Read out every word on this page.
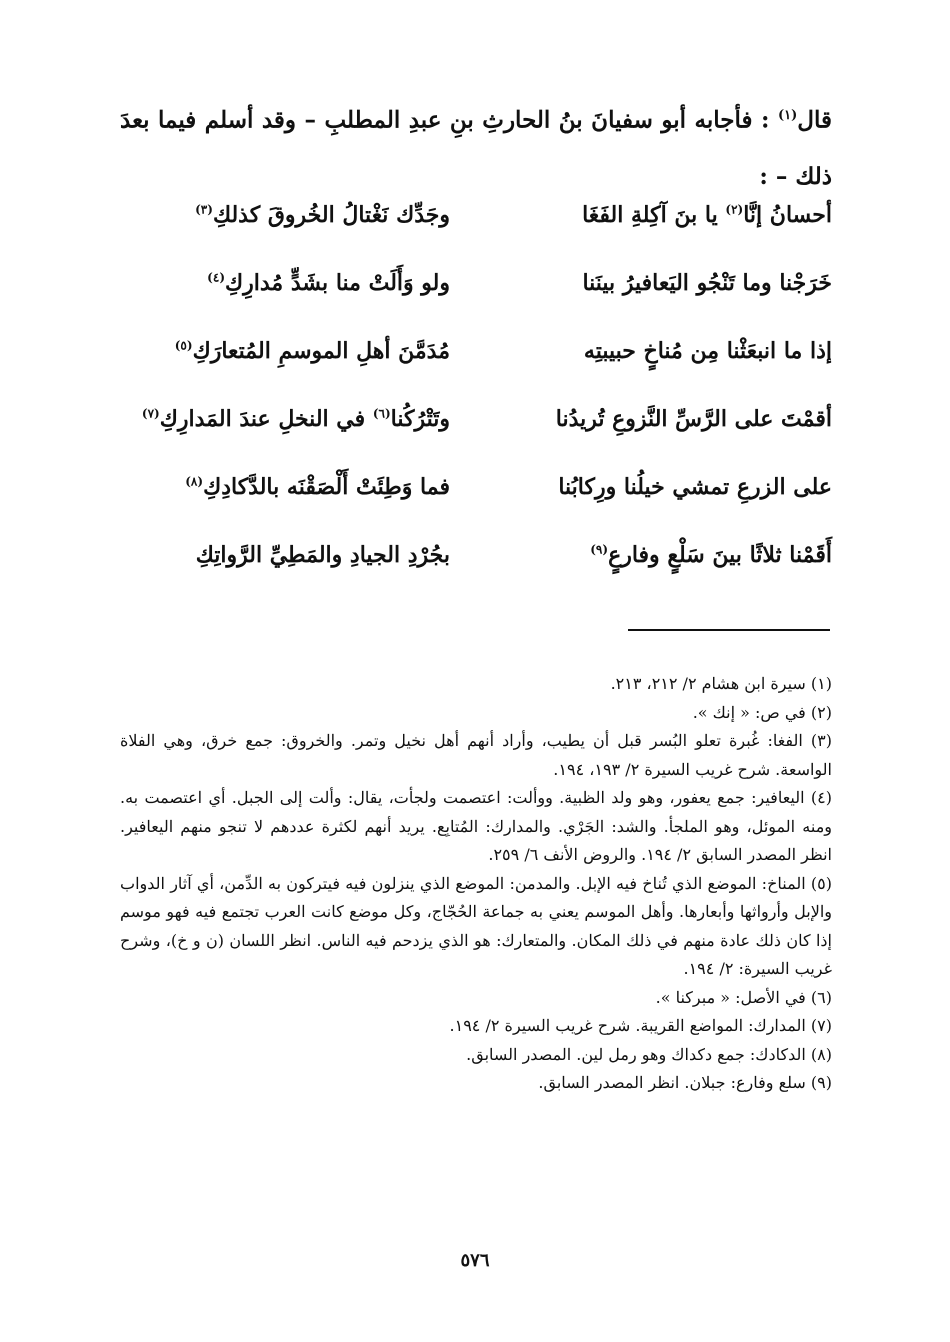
قال$^{(١)}$ : فأجابه أبو سفيانَ بنُ الحارثِ بنِ عبدِ المطلبِ – وقد أسلم فيما بعدَ ذلك – :
أحسانُ إنَّا$^{(٢)}$ يا بنَ آكِلةِ الفَغَا
وجَدِّك نَغْتالُ الخُروقَ كذلكِ$^{(٣)}$
خَرَجْنا وما تَنْجُو اليَعافيرُ بينَنا
ولو وَأَلَتْ منا بشَدٍّ مُدارِكِ$^{(٤)}$
إذا ما انبعَثْنا مِن مُناخٍ حبيبتِه
مُدَمَّنَ أهلِ الموسمِ المُتعارَكِ$^{(٥)}$
أقمْتَ على الرَّسِّ النَّزوعِ تُريدُنا
وتَتْرُكُنا$^{(٦)}$ في النخلِ عندَ المَدارِكِ$^{(٧)}$
على الزرعِ تمشي خيلُنا ورِكابُنا
فما وَطِئَتْ أَلْصَقْنَه بالدَّكادِكِ$^{(٨)}$
أَقَمْنا ثلاثًا بينَ سَلْعٍ وفارعٍ$^{(٩)}$
بجُرْدِ الجيادِ والمَطِيِّ الرَّواتِكِ

(١) سيرة ابن هشام ٢/ ٢١٢، ٢١٣.

(٢) في ص: « إنك ».

(٣) الفغا: غُبرة تعلو البُسر قبل أن يطيب، وأراد أنهم أهل نخيل وتمر. والخروق: جمع خرق، وهي الفلاة الواسعة. شرح غريب السيرة ٢/ ١٩٣، ١٩٤.

(٤) اليعافير: جمع يعفور، وهو ولد الظبية. ووألت: اعتصمت ولجأت، يقال: وألت إلى الجبل. أي اعتصمت به. ومنه الموئل، وهو الملجأ. والشد: الجَرْي. والمدارك: المُتابِع. يريد أنهم لكثرة عددهم لا تنجو منهم اليعافير. انظر المصدر السابق ٢/ ١٩٤. والروض الأنف ٦/ ٢٥٩.

(٥) المناخ: الموضع الذي تُناخ فيه الإبل. والمدمن: الموضع الذي ينزلون فيه فيتركون به الدِّمن، أي آثار الدواب والإبل وأرواثها وأبعارها. وأهل الموسم يعني به جماعة الحُجّاج، وكل موضع كانت العرب تجتمع فيه فهو موسم إذا كان ذلك عادة منهم في ذلك المكان. والمتعارك: هو الذي يزدحم فيه الناس. انظر اللسان (ن و خ)، وشرح غريب السيرة: ٢/ ١٩٤.

(٦) في الأصل: « مبركنا ».

(٧) المدارك: المواضع القريبة. شرح غريب السيرة ٢/ ١٩٤.

(٨) الدكادك: جمع دكداك وهو رمل لين. المصدر السابق.

(٩) سلع وفارع: جبلان. انظر المصدر السابق.

٥٧٦
